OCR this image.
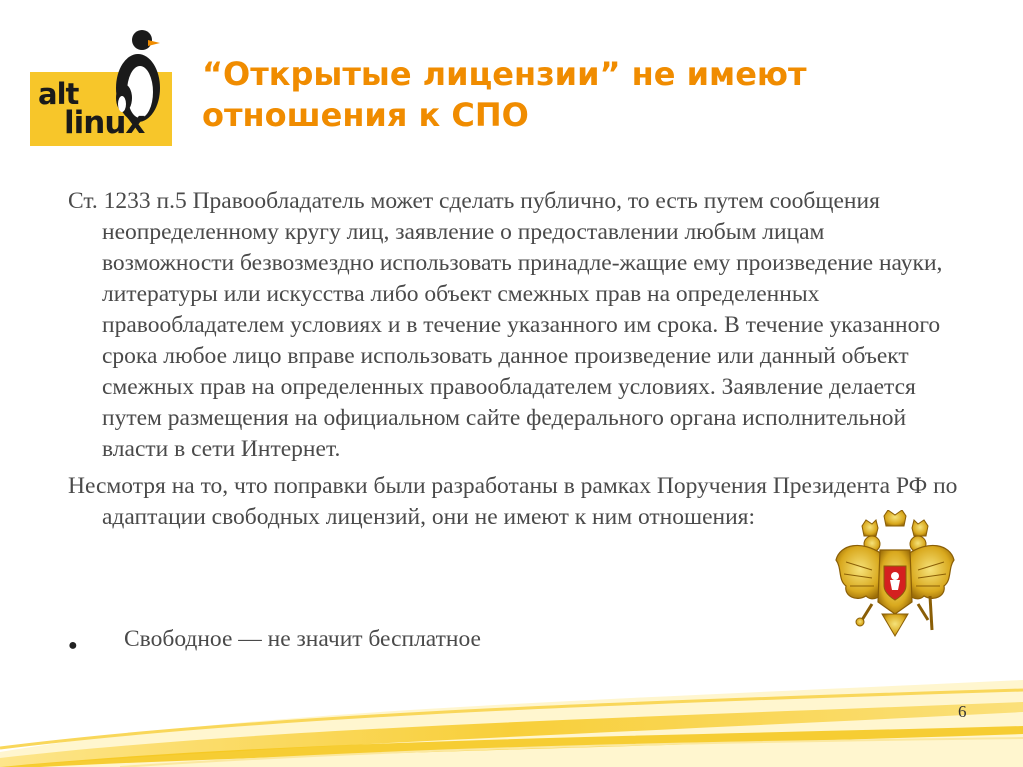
alt
linux
“Открытые лицензии” не имеют отношения к СПО

Ст. 1233 п.5 Правообладатель может сделать публично, то есть путем сообщения неопределенному кругу лиц, заявление о предоставлении любым лицам возможности безвозмездно использовать принадле-жащие ему произведение науки, литературы или искусства либо объект смежных прав на определенных правообладателем условиях и в течение указанного им срока. В течение указанного срока любое лицо вправе использовать данное произведение или данный объект смежных прав на определенных правообладателем условиях. Заявление делается путем размещения на официальном сайте федерального органа исполнительной власти в сети Интернет.

Несмотря на то, что поправки были разработаны в рамках Поручения Президента РФ по адаптации свободных лицензий, они не имеют к ним отношения:

● Свободное — не значит бесплатное
6
